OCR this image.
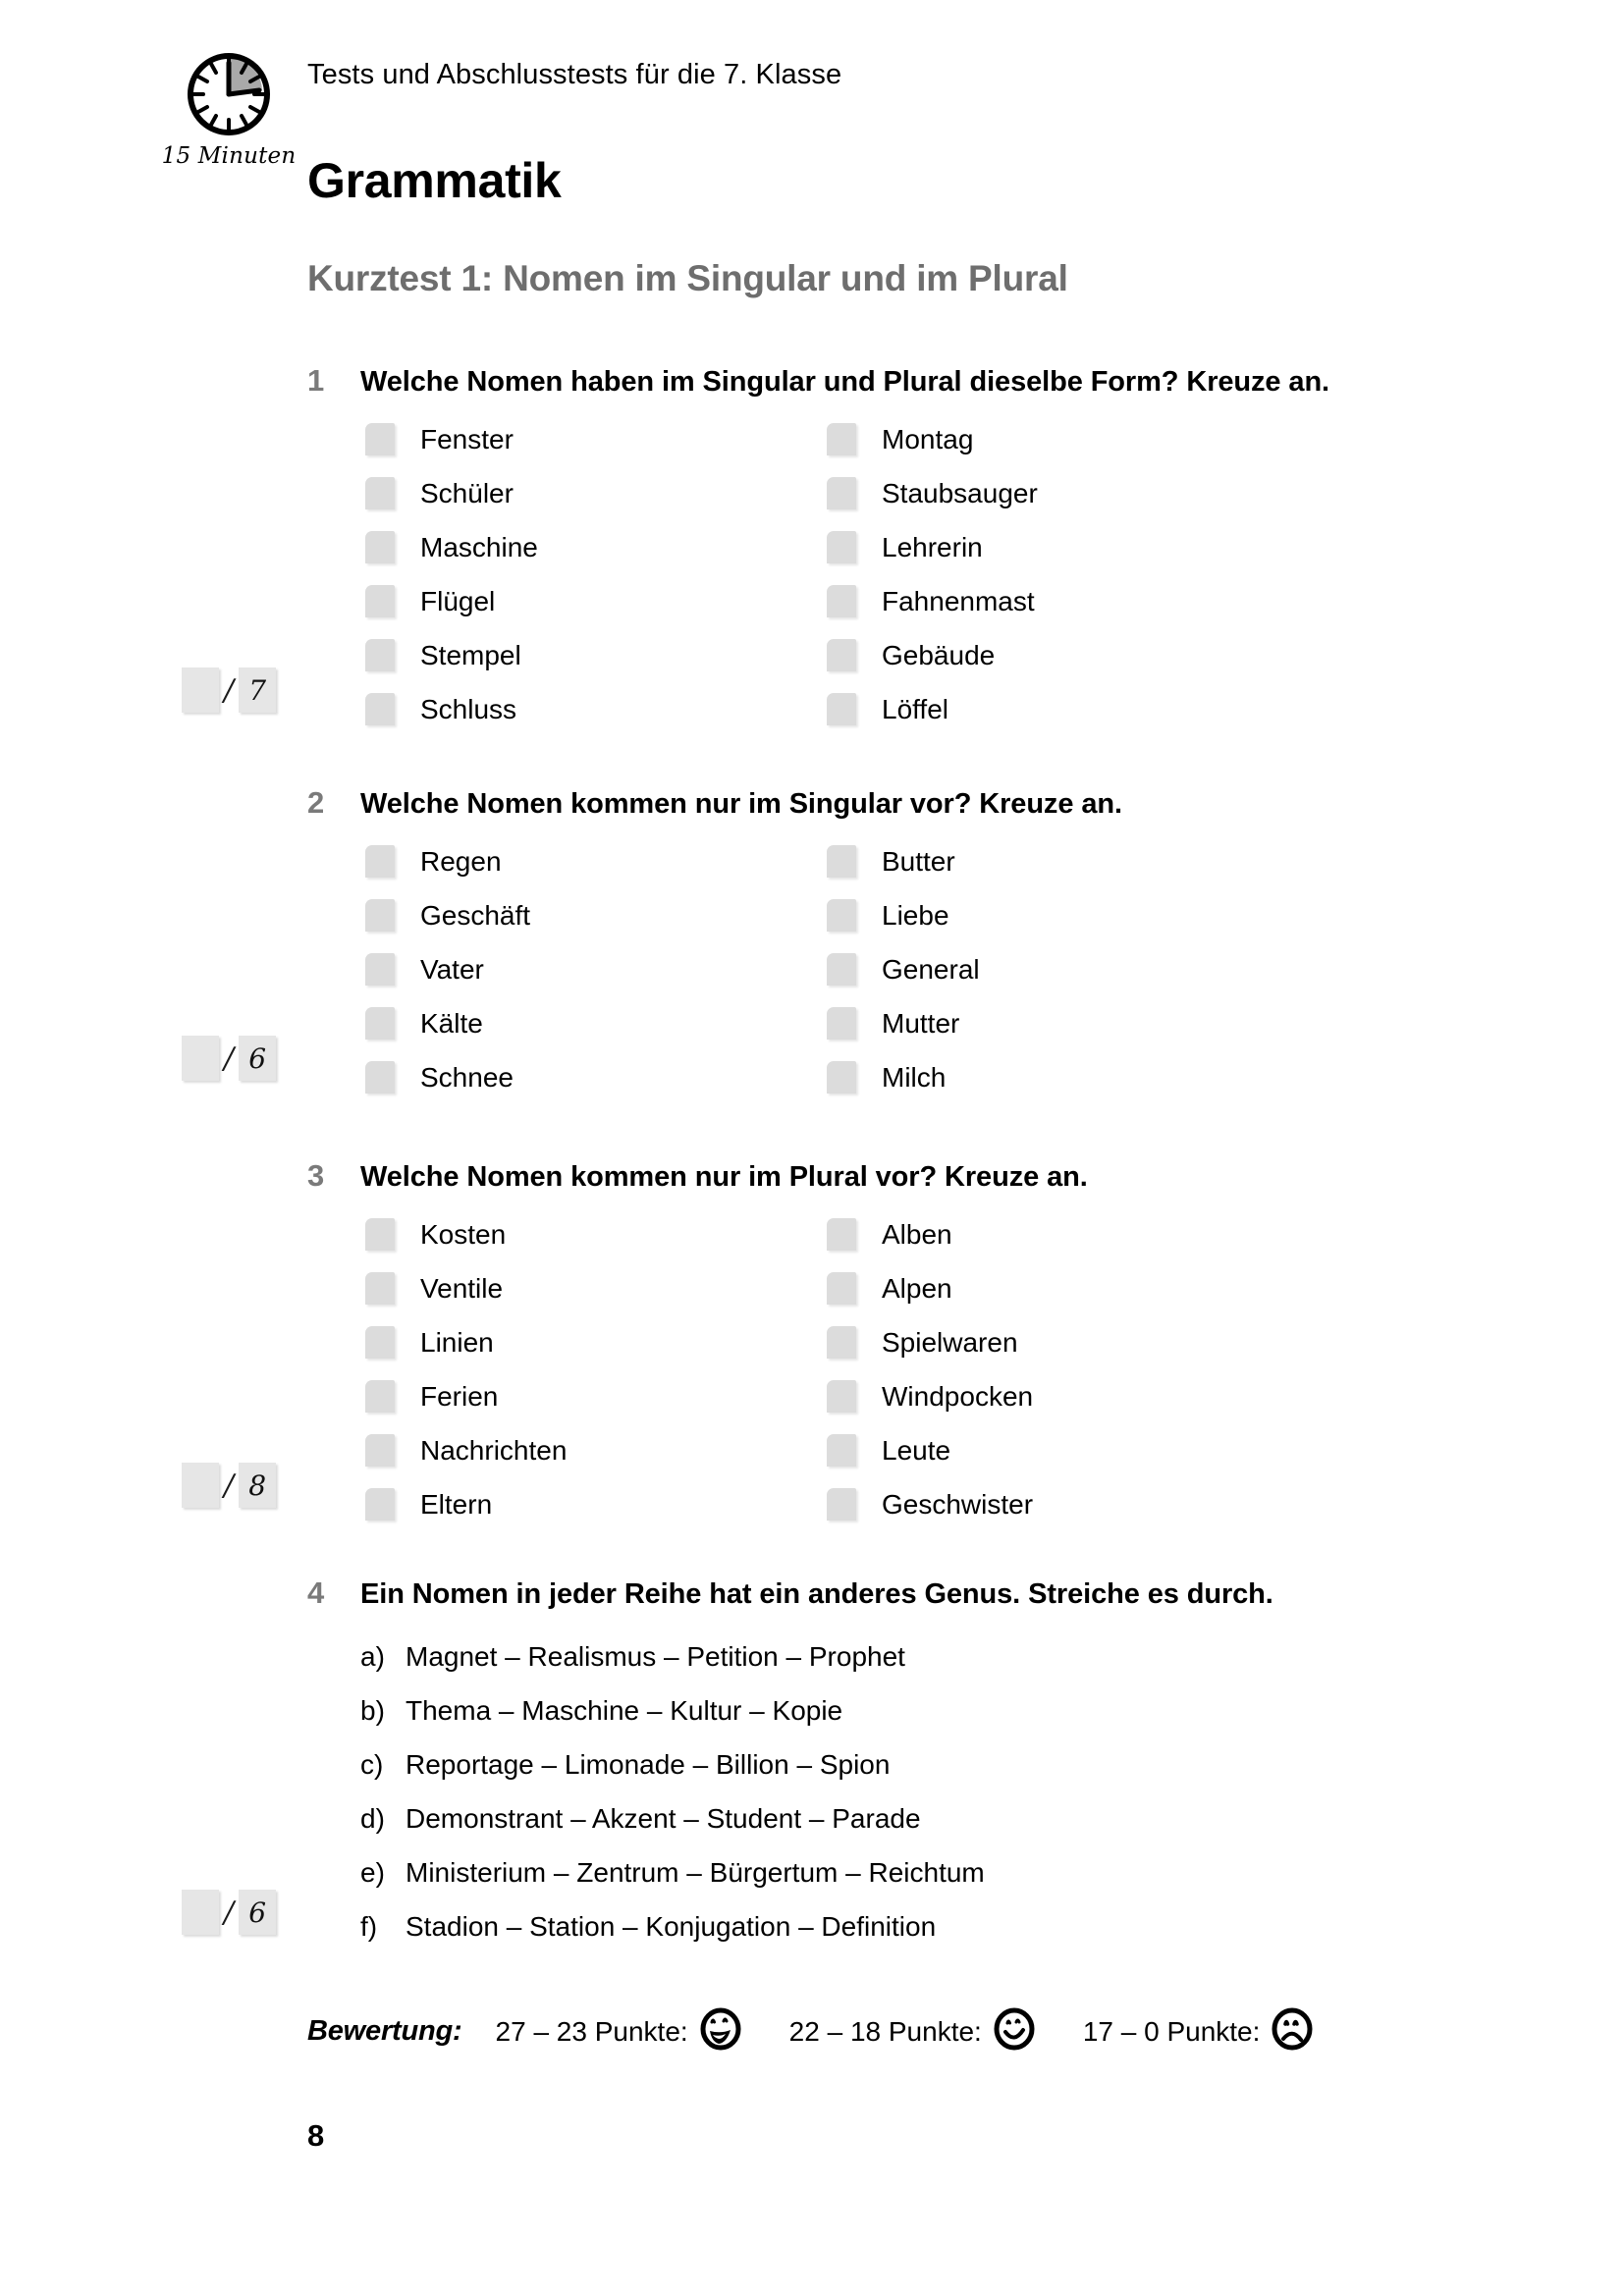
15 Minuten
Tests und Abschlusstests für die 7. Klasse
Grammatik
Kurztest 1: Nomen im Singular und im Plural
1	Welche Nomen haben im Singular und Plural dieselbe Form? Kreuze an.
Fenster
Schüler
Maschine
Flügel
Stempel
Schluss
Montag
Staubsauger
Lehrerin
Fahnenmast
Gebäude
Löffel
/ 7
2	Welche Nomen kommen nur im Singular vor? Kreuze an.
Regen
Geschäft
Vater
Kälte
Schnee
Butter
Liebe
General
Mutter
Milch
/ 6
3	Welche Nomen kommen nur im Plural vor? Kreuze an.
Kosten
Ventile
Linien
Ferien
Nachrichten
Eltern
Alben
Alpen
Spielwaren
Windpocken
Leute
Geschwister
/ 8
4	Ein Nomen in jeder Reihe hat ein anderes Genus. Streiche es durch.
a) Magnet – Realismus – Petition – Prophet
b) Thema – Maschine – Kultur – Kopie
c) Reportage – Limonade – Billion – Spion
d) Demonstrant – Akzent – Student – Parade
e) Ministerium – Zentrum – Bürgertum – Reichtum
f)	Stadion – Station – Konjugation – Definition
/ 6
Bewertung: 27 – 23 Punkte:	22 – 18 Punkte:	17 – 0 Punkte:
8
